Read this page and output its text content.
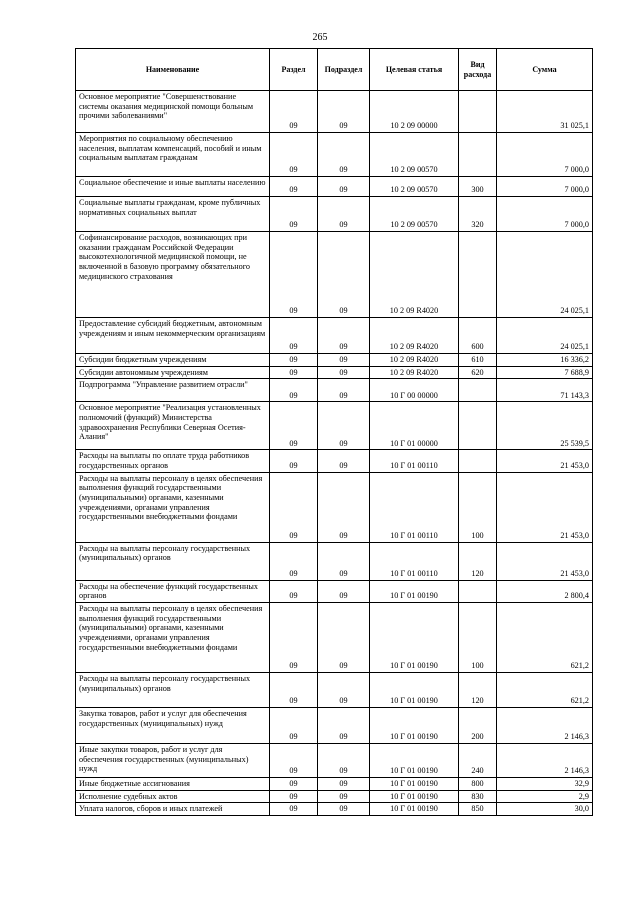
265
Наименование	Раздел	Подраздел	Целевая статья	Вид расхода	Сумма
Основное мероприятие "Совершенствование системы оказания медицинской помощи больным прочими заболеваниями"	09	09	10 2 09 00000		31 025,1
Мероприятия по социальному обеспечению населения, выплатам компенсаций, пособий и иным социальным выплатам гражданам	09	09	10 2 09 00570		7 000,0
Социальное обеспечение и иные выплаты населению	09	09	10 2 09 00570	300	7 000,0
Социальные выплаты гражданам, кроме публичных нормативных социальных выплат	09	09	10 2 09 00570	320	7 000,0
Софинансирование расходов, возникающих при оказании гражданам Российской Федерации высокотехнологичной медицинской помощи, не включенной в базовую программу обязательного медицинского страхования	09	09	10 2 09 R4020		24 025,1
Предоставление субсидий бюджетным, автономным учреждениям и иным некоммерческим организациям	09	09	10 2 09 R4020	600	24 025,1
Субсидии бюджетным учреждениям	09	09	10 2 09 R4020	610	16 336,2
Субсидии автономным учреждениям	09	09	10 2 09 R4020	620	7 688,9
Подпрограмма "Управление развитием отрасли"	09	09	10 Г 00 00000		71 143,3
Основное мероприятие "Реализация установленных полномочий (функций) Министерства здравоохранения Республики Северная Осетия-Алания"	09	09	10 Г 01 00000		25 539,5
Расходы на выплаты по оплате труда работников государственных органов	09	09	10 Г 01 00110		21 453,0
Расходы на выплаты персоналу в целях обеспечения выполнения функций государственными (муниципальными) органами, казенными учреждениями, органами управления государственными внебюджетными фондами	09	09	10 Г 01 00110	100	21 453,0
Расходы на выплаты персоналу государственных (муниципальных) органов	09	09	10 Г 01 00110	120	21 453,0
Расходы на обеспечение функций государственных органов	09	09	10 Г 01 00190		2 800,4
Расходы на выплаты персоналу в целях обеспечения выполнения функций государственными (муниципальными) органами, казенными учреждениями, органами управления государственными внебюджетными фондами	09	09	10 Г 01 00190	100	621,2
Расходы на выплаты персоналу государственных (муниципальных) органов	09	09	10 Г 01 00190	120	621,2
Закупка товаров, работ и услуг для обеспечения государственных (муниципальных) нужд	09	09	10 Г 01 00190	200	2 146,3
Иные закупки товаров, работ и услуг для обеспечения государственных (муниципальных) нужд	09	09	10 Г 01 00190	240	2 146,3
Иные бюджетные ассигнования	09	09	10 Г 01 00190	800	32,9
Исполнение судебных актов	09	09	10 Г 01 00190	830	2,9
Уплата налогов, сборов и иных платежей	09	09	10 Г 01 00190	850	30,0
